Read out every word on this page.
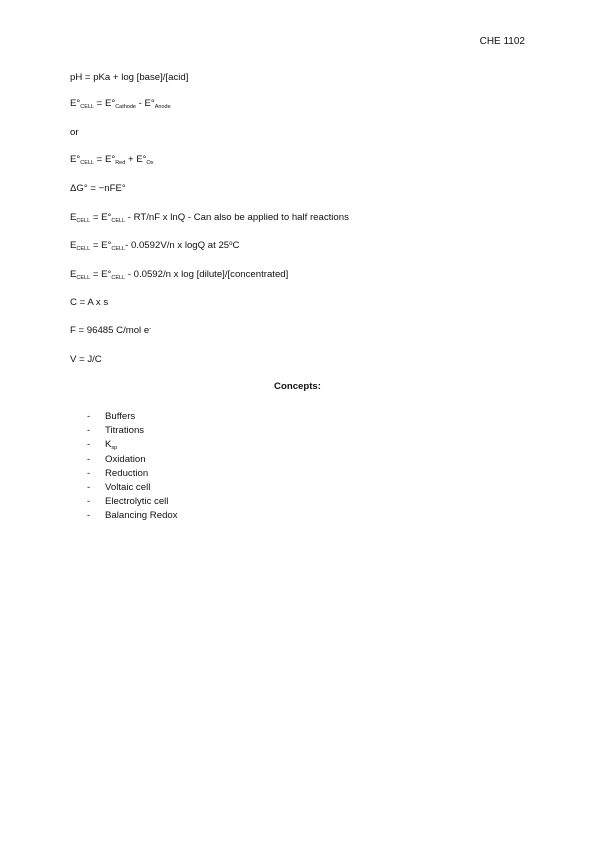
CHE 1102
pH = pKa + log [base]/[acid]
$E^\circ_{CELL} = E^\circ_{Cathode} - E^\circ_{Anode}$
or
$E^\circ_{CELL} = E^\circ_{Red} + E^\circ_{Ox}$
ΔG° = −nFE°
$E_{CELL} = E^\circ_{CELL} - RT/nF$ x lnQ - Can also be applied to half reactions
$E_{CELL} = E^\circ_{CELL}-$ 0.0592V/n x logQ at 25$^o$C
$E_{CELL} = E^\circ_{CELL} - 0.0592/n$ x log [dilute]/[concentrated]
C = A x s
F = 96485 C/mol e-
V = J/C
Concepts:
- Buffers
- Titrations
- $K_{sp}$
- Oxidation
- Reduction
- Voltaic cell
- Electrolytic cell
- Balancing Redox
